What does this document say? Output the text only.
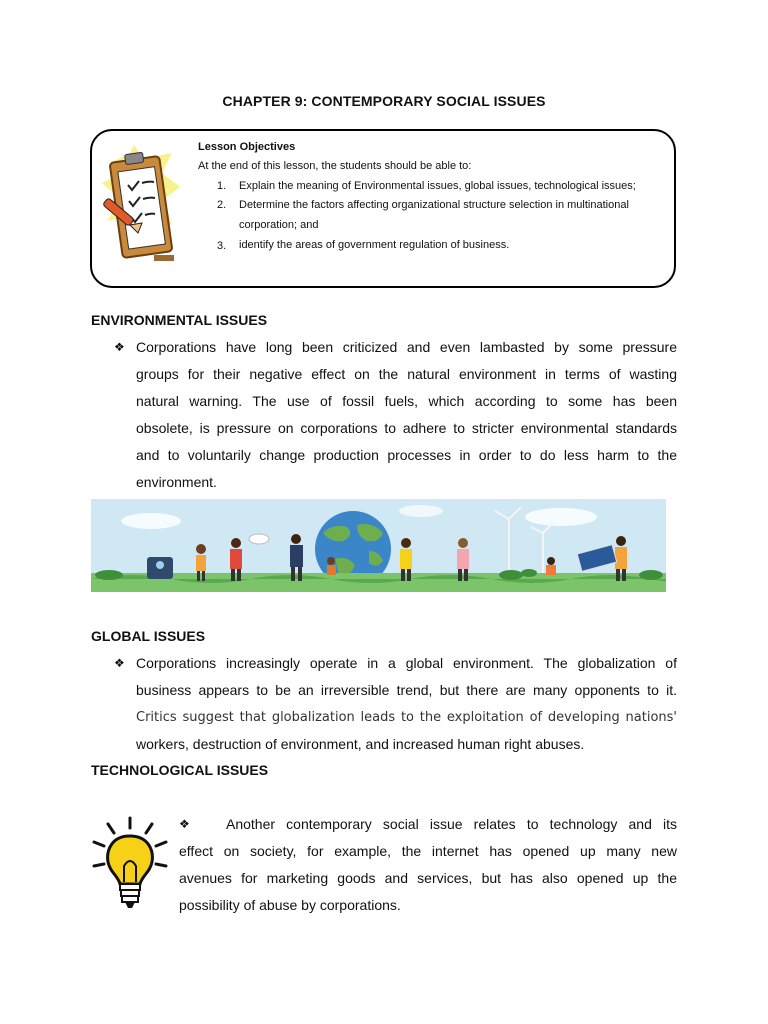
CHAPTER 9: CONTEMPORARY SOCIAL ISSUES
Lesson Objectives
At the end of this lesson, the students should be able to:
1.	Explain the meaning of Environmental issues, global issues, technological issues;
2.	Determine the factors affecting organizational structure selection in multinational
corporation; and
3.	identify the areas of government regulation of business.
ENVIRONMENTAL ISSUES
❖ Corporations have long been criticized and even lambasted by some pressure
groups for their negative effect on the natural environment in terms of wasting
natural warning. The use of fossil fuels, which according to some has been
obsolete, is pressure on corporations to adhere to stricter environmental standards
and to voluntarily change production processes in order to do less harm to the
environment.
GLOBAL ISSUES
❖ Corporations increasingly operate in a global environment. The globalization of
business appears to be an irreversible trend, but there are many opponents to it.
Critics suggest that globalization leads to the exploitation of developing nations'
workers, destruction of environment, and increased human right abuses.
TECHNOLOGICAL ISSUES
❖	Another contemporary social issue relates to technology and its
effect on society, for example, the internet has opened up many new
avenues for marketing goods and services, but has also opened up the
possibility of abuse by corporations.
